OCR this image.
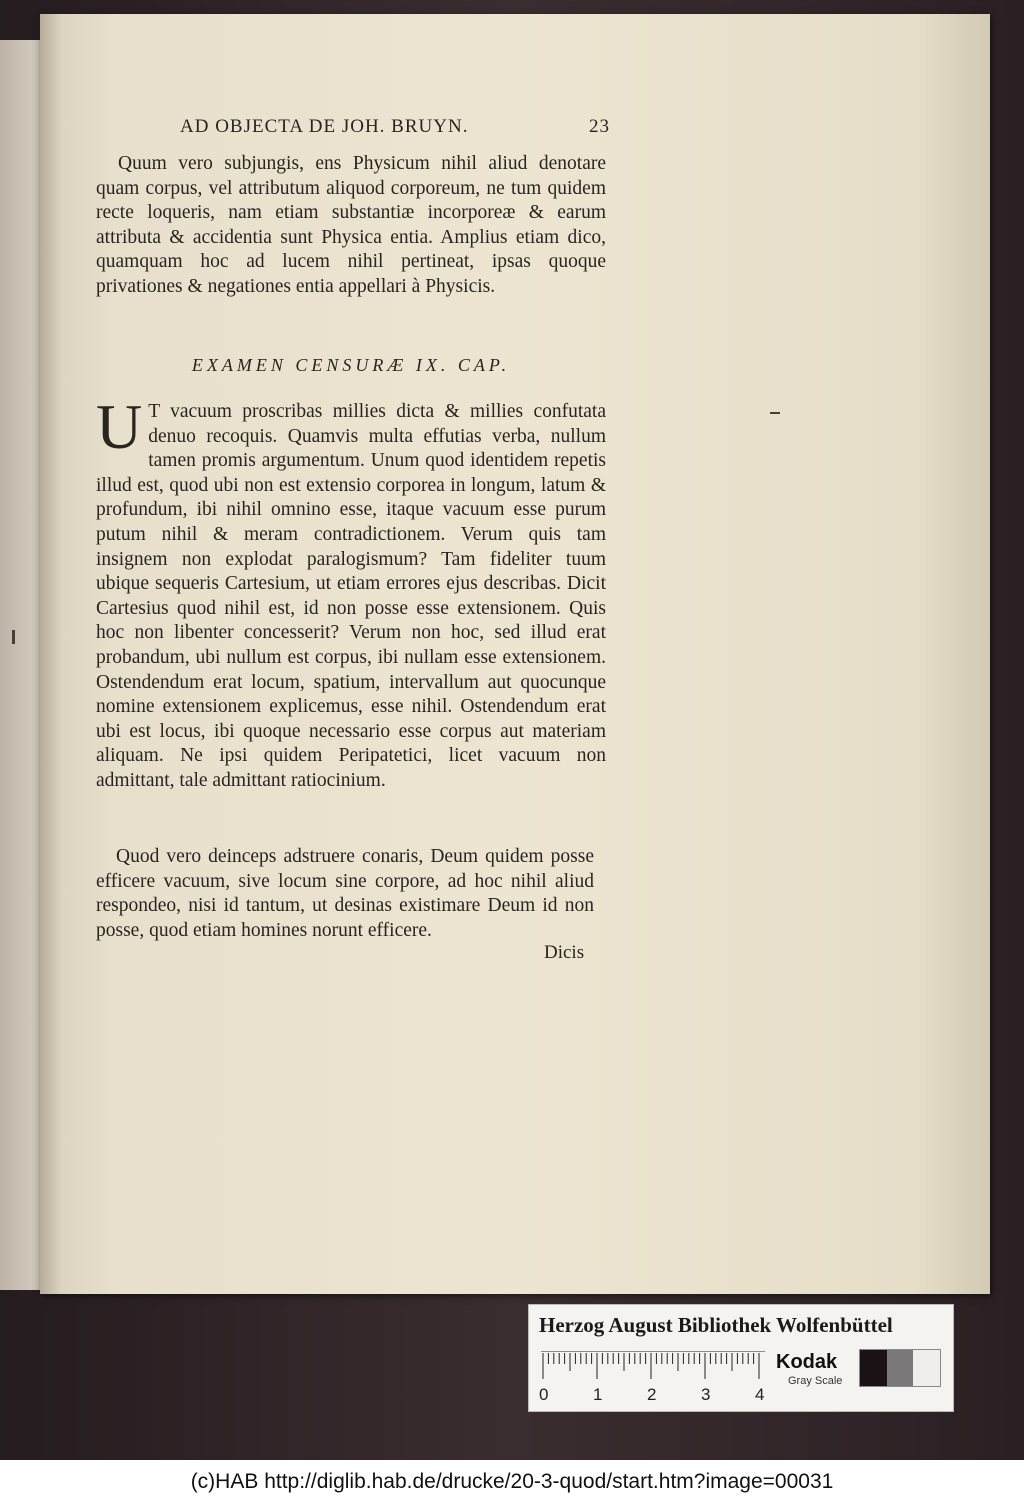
AD OBJECTA DE JOH. BRUYN.	23

Quum vero subjungis, ens Physicum nihil aliud denotare quam corpus, vel attributum aliquod corporeum, ne tum quidem recte loqueris, nam etiam substantiæ incorporeæ & earum attributa & accidentia sunt Physica entia. Amplius etiam dico, quamquam hoc ad lucem nihil pertineat, ipsas quoque privationes & negationes entia appellari à Physicis.

EXAMEN CENSURÆ IX. CAP.
U T vacuum proscribas millies dicta & millies confutata denuo recoquis. Quamvis multa effutias verba, nullum tamen promis argumentum. Unum quod identidem repetis illud est, quod ubi non est extensio corporea in longum, latum & profundum, ibi nihil omnino esse, itaque vacuum esse purum putum nihil & meram contradictionem. Verum quis tam insignem non explodat paralogismum? Tam fideliter tuum ubique sequeris Cartesium, ut etiam errores ejus describas. Dicit Cartesius quod nihil est, id non posse esse extensionem. Quis hoc non libenter concesserit? Verum non hoc, sed illud erat probandum, ubi nullum est corpus, ibi nullam esse extensionem. Ostendendum erat locum, spatium, intervallum aut quocunque nomine extensionem explicemus, esse nihil. Ostendendum erat ubi est locus, ibi quoque necessario esse corpus aut materiam aliquam. Ne ipsi quidem Peripatetici, licet vacuum non admittant, tale admittant ratiocinium.

Quod vero deinceps adstruere conaris, Deum quidem posse efficere vacuum, sive locum sine corpore, ad hoc nihil aliud respondeo, nisi id tantum, ut desinas existimare Deum id non posse, quod etiam homines norunt efficere.

Dicis
Herzog August Bibliothek Wolfenbüttel
0	1	2	3	4
Kodak
Gray Scale
(c)HAB http://diglib.hab.de/drucke/20-3-quod/start.htm?image=00031
